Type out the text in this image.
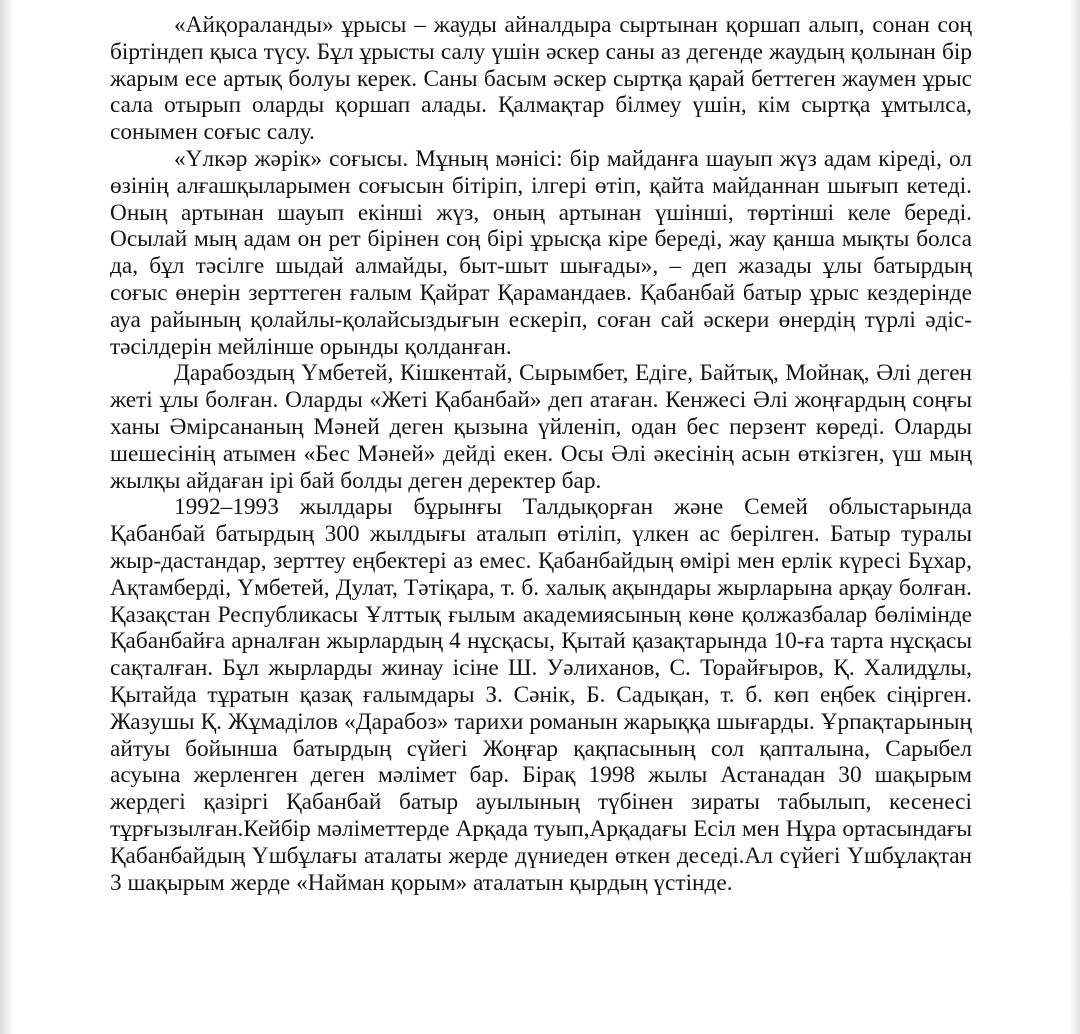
«Айқораланды» ұрысы – жауды айналдыра сыртынан қоршап алып, сонан соң біртіндеп қыса түсу. Бұл ұрысты салу үшін әскер саны аз дегенде жаудың қолынан бір жарым есе артық болуы керек. Саны басым әскер сыртқа қарай беттеген жаумен ұрыс сала отырып оларды қоршап алады. Қалмақтар білмеу үшін, кім сыртқа ұмтылса, сонымен соғыс салу.

«Үлкәр жәрік» соғысы. Мұның мәнісі: бір майданға шауып жүз адам кіреді, ол өзінің алғашқыларымен соғысын бітіріп, ілгері өтіп, қайта майданнан шығып кетеді. Оның артынан шауып екінші жүз, оның артынан үшінші, төртінші келе береді. Осылай мың адам он рет бірінен соң бірі ұрысқа кіре береді, жау қанша мықты болса да, бұл тәсілге шыдай алмайды, быт-шыт шығады», – деп жазады ұлы батырдың соғыс өнерін зерттеген ғалым Қайрат Қарамандаев. Қабанбай батыр ұрыс кездерінде ауа райының қолайлы-қолайсыздығын ескеріп, соған сай әскери өнердің түрлі әдіс-тәсілдерін мейлінше орынды қолданған.

Дарабоздың Үмбетей, Кішкентай, Сырымбет, Едіге, Байтық, Мойнақ, Әлі деген жеті ұлы болған. Оларды «Жеті Қабанбай» деп атаған. Кенжесі Әлі жоңғардың соңғы ханы Әмірсананың Мәней деген қызына үйленіп, одан бес перзент көреді. Оларды шешесінің атымен «Бес Мәней» дейді екен. Осы Әлі әкесінің асын өткізген, үш мың жылқы айдаған ірі бай болды деген деректер бар.

1992–1993 жылдары бұрынғы Талдықорған және Семей облыстарында Қабанбай батырдың 300 жылдығы аталып өтіліп, үлкен ас берілген. Батыр туралы жыр-дастандар, зерттеу еңбектері аз емес. Қабанбайдың өмірі мен ерлік күресі Бұхар, Ақтамберді, Үмбетей, Дулат, Тәтіқара, т. б. халық ақындары жырларына арқау болған. Қазақстан Республикасы Ұлттық ғылым академиясының көне қолжазбалар бөлімінде Қабанбайға арналған жырлардың 4 нұсқасы, Қытай қазақтарында 10-ға тарта нұсқасы сақталған. Бұл жырларды жинау ісіне Ш. Уәлиханов, С. Торайғыров, Қ. Халидұлы, Қытайда тұратын қазақ ғалымдары З. Сәнік, Б. Садықан, т. б. көп еңбек сіңірген. Жазушы Қ. Жұмаділов «Дарабоз» тарихи романын жарыққа шығарды. Ұрпақтарының айтуы бойынша батырдың сүйегі Жоңғар қақпасының сол қапталына, Сарыбел асуына жерленген деген мәлімет бар. Бірақ 1998 жылы Астанадан 30 шақырым жердегі қазіргі Қабанбай батыр ауылының түбінен зираты табылып, кесенесі тұрғызылған.Кейбір мәліметтерде Арқада туып,Арқадағы Есіл мен Нұра ортасындағы Қабанбайдың Үшбұлағы аталаты жерде дүниеден өткен деседі.Ал сүйегі Үшбұлақтан 3 шақырым жерде «Найман қорым» аталатын қырдың үстінде.
